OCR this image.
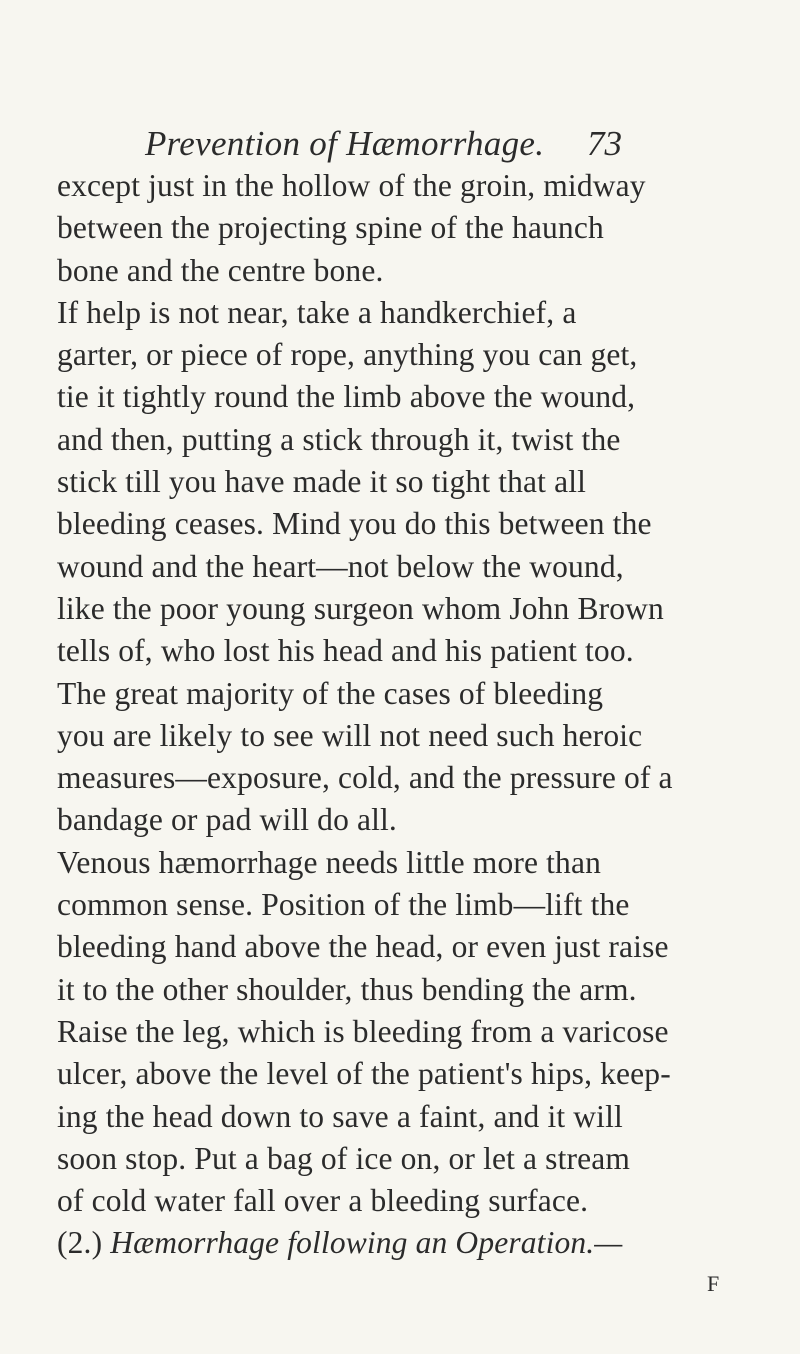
Prevention of Hæmorrhage. 73
except just in the hollow of the groin, midway
between the projecting spine of the haunch
bone and the centre bone.
If help is not near, take a handkerchief, a
garter, or piece of rope, anything you can get,
tie it tightly round the limb above the wound,
and then, putting a stick through it, twist the
stick till you have made it so tight that all
bleeding ceases. Mind you do this between the
wound and the heart—not below the wound,
like the poor young surgeon whom John Brown
tells of, who lost his head and his patient too.
The great majority of the cases of bleeding
you are likely to see will not need such heroic
measures—exposure, cold, and the pressure of a
bandage or pad will do all.
Venous hæmorrhage needs little more than
common sense. Position of the limb—lift the
bleeding hand above the head, or even just raise
it to the other shoulder, thus bending the arm.
Raise the leg, which is bleeding from a varicose
ulcer, above the level of the patient's hips, keep-
ing the head down to save a faint, and it will
soon stop. Put a bag of ice on, or let a stream
of cold water fall over a bleeding surface.
(2.) Hæmorrhage following an Operation.—
F
